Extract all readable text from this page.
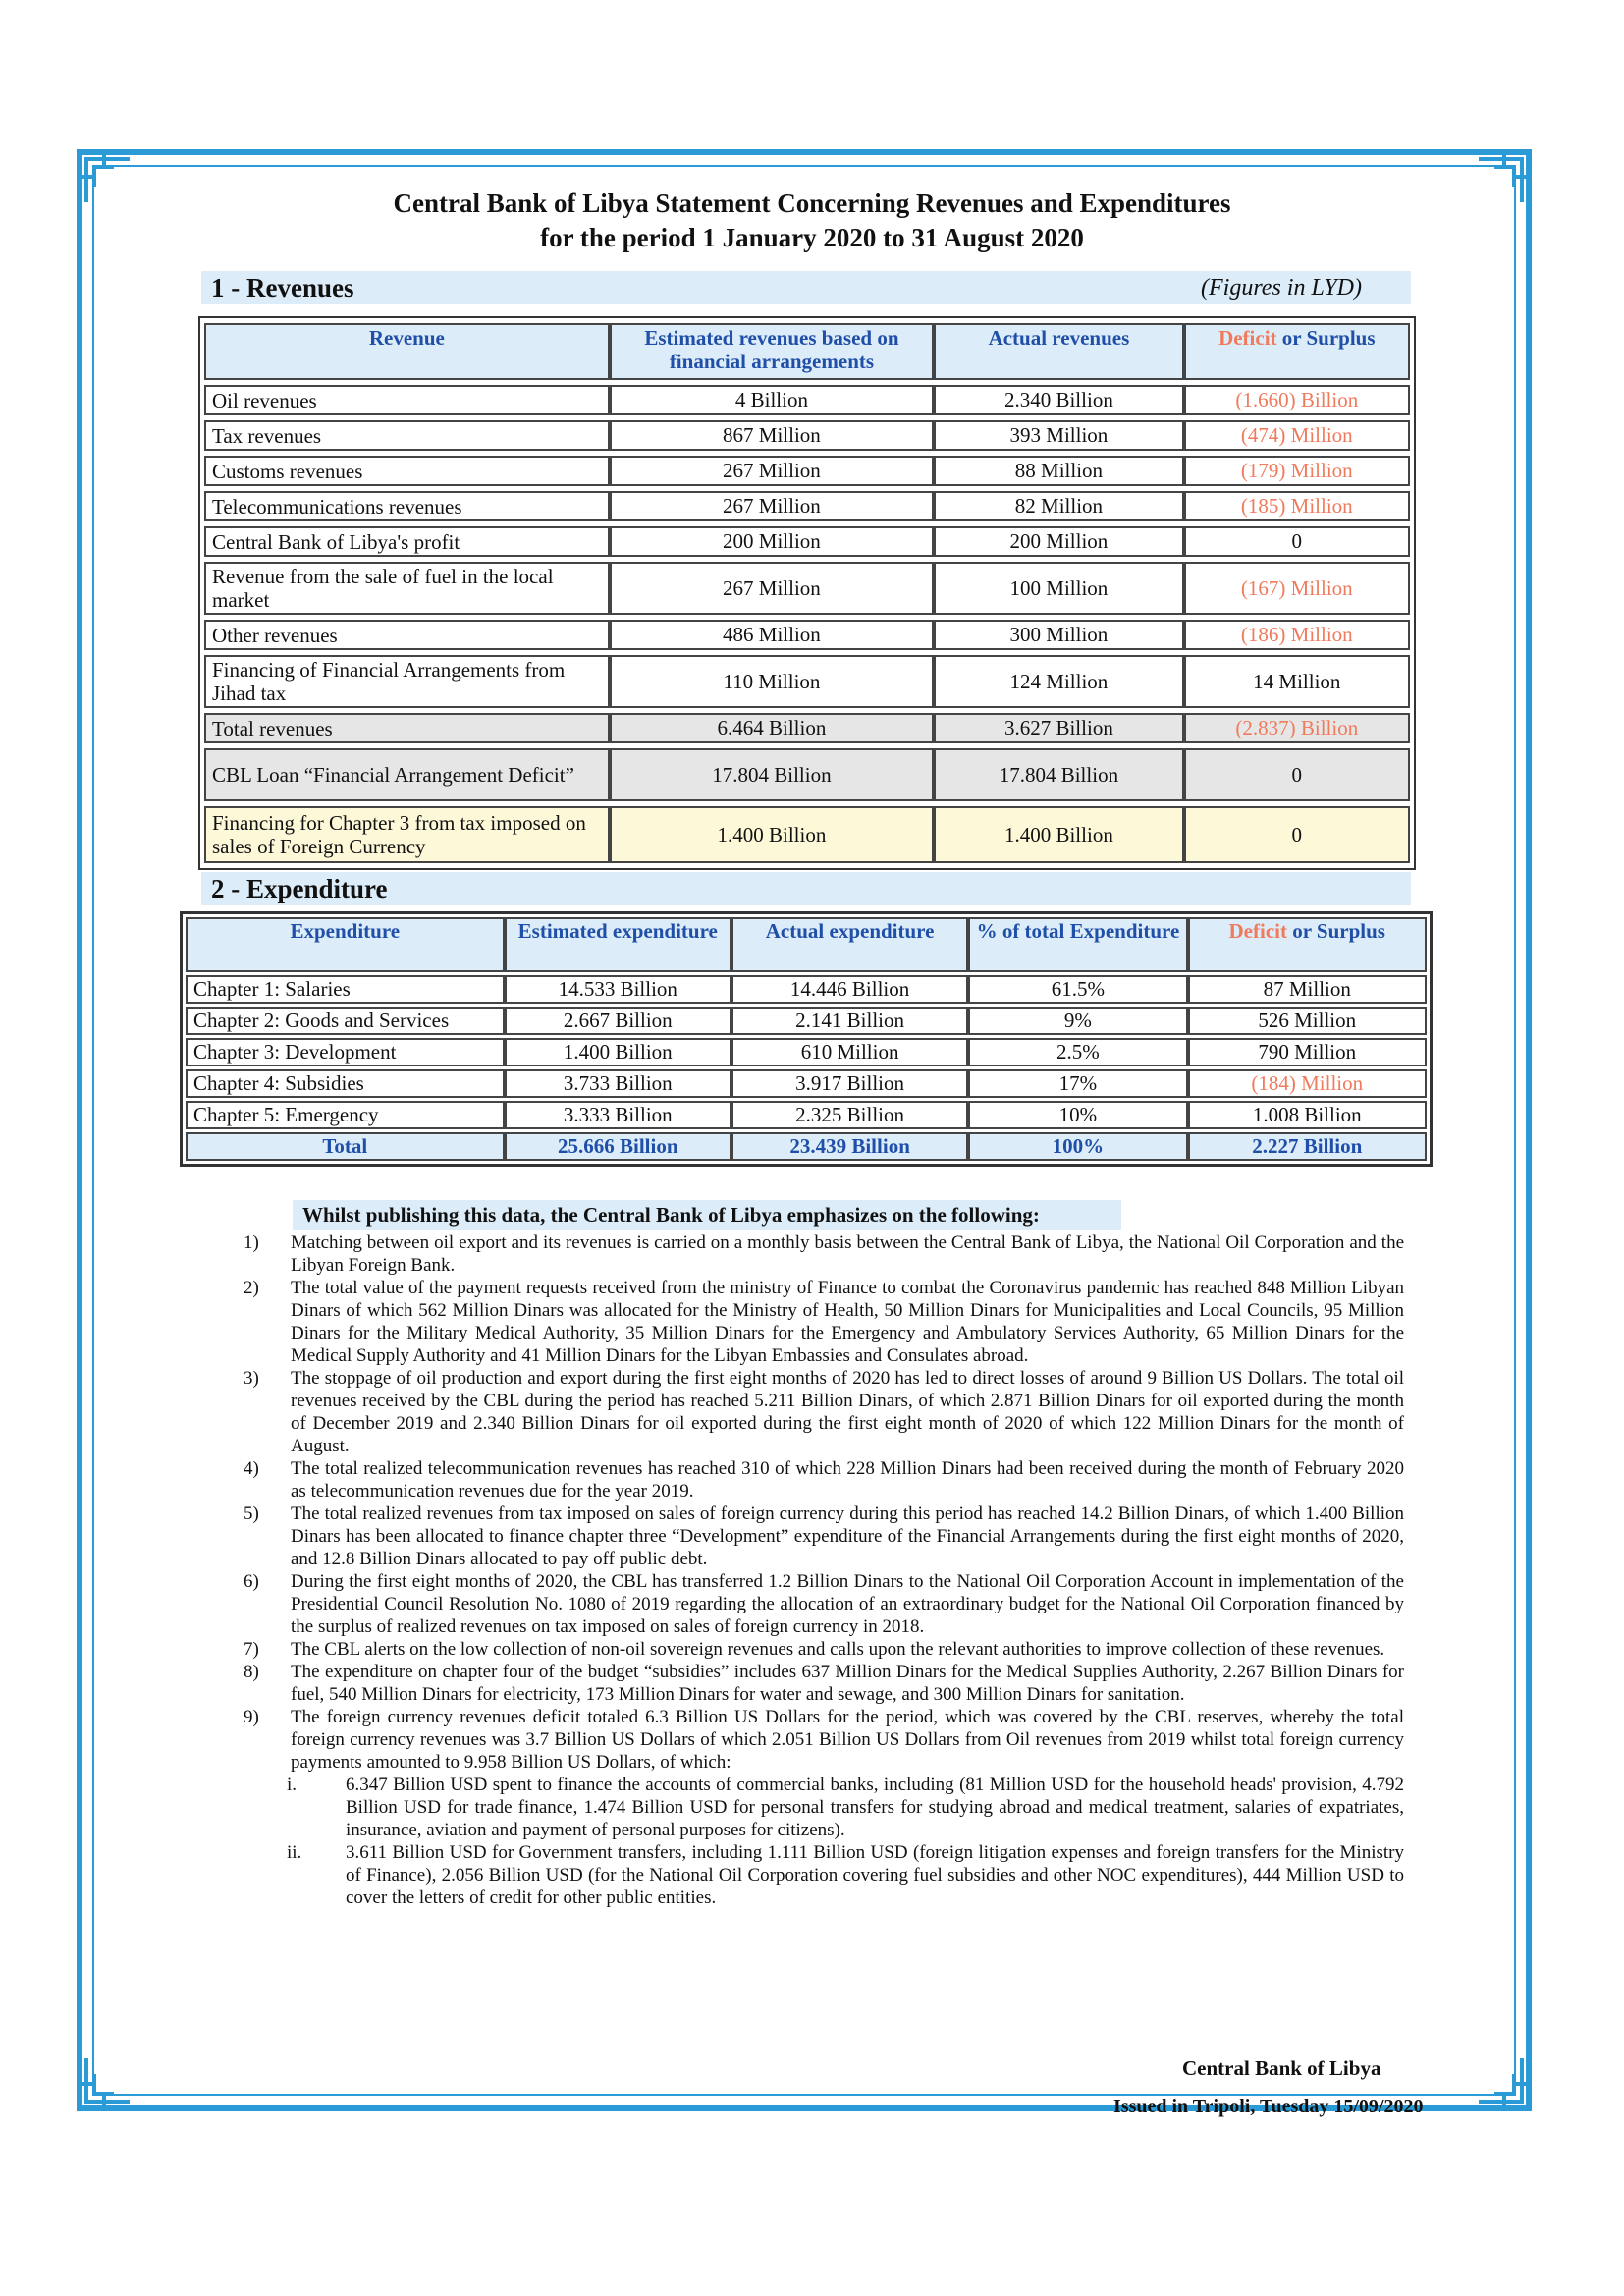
Central Bank of Libya Statement Concerning Revenues and Expenditures
for the period 1 January 2020 to 31 August 2020
1 - Revenues	(Figures in LYD)
Revenue	Estimated revenues based on financial arrangements	Actual revenues	Deficit or Surplus
Oil revenues	4 Billion	2.340 Billion	(1.660) Billion
Tax revenues	867 Million	393 Million	(474) Million
Customs revenues	267 Million	88 Million	(179) Million
Telecommunications revenues	267 Million	82 Million	(185) Million
Central Bank of Libya's profit	200 Million	200 Million	0
Revenue from the sale of fuel in the local market	267 Million	100 Million	(167) Million
Other revenues	486 Million	300 Million	(186) Million
Financing of Financial Arrangements from Jihad tax	110 Million	124 Million	14 Million
Total revenues	6.464 Billion	3.627 Billion	(2.837) Billion
CBL Loan “Financial Arrangement Deficit”	17.804 Billion	17.804 Billion	0
Financing for Chapter 3 from tax imposed on sales of Foreign Currency	1.400 Billion	1.400 Billion	0
2 - Expenditure
Expenditure	Estimated expenditure	Actual expenditure	% of total Expenditure	Deficit or Surplus
Chapter 1: Salaries	14.533 Billion	14.446 Billion	61.5%	87 Million
Chapter 2: Goods and Services	2.667 Billion	2.141 Billion	9%	526 Million
Chapter 3: Development	1.400 Billion	610 Million	2.5%	790 Million
Chapter 4: Subsidies	3.733 Billion	3.917 Billion	17%	(184) Million
Chapter 5: Emergency	3.333 Billion	2.325 Billion	10%	1.008 Billion
Total	25.666 Billion	23.439 Billion	100%	2.227 Billion
Whilst publishing this data, the Central Bank of Libya emphasizes on the following:
1) Matching between oil export and its revenues is carried on a monthly basis between the Central Bank of Libya, the National Oil Corporation and the Libyan Foreign Bank.
2) The total value of the payment requests received from the ministry of Finance to combat the Coronavirus pandemic has reached 848 Million Libyan Dinars of which 562 Million Dinars was allocated for the Ministry of Health, 50 Million Dinars for Municipalities and Local Councils, 95 Million Dinars for the Military Medical Authority, 35 Million Dinars for the Emergency and Ambulatory Services Authority, 65 Million Dinars for the Medical Supply Authority and 41 Million Dinars for the Libyan Embassies and Consulates abroad.
3) The stoppage of oil production and export during the first eight months of 2020 has led to direct losses of around 9 Billion US Dollars. The total oil revenues received by the CBL during the period has reached 5.211 Billion Dinars, of which 2.871 Billion Dinars for oil exported during the month of December 2019 and 2.340 Billion Dinars for oil exported during the first eight month of 2020 of which 122 Million Dinars for the month of August.
4) The total realized telecommunication revenues has reached 310 of which 228 Million Dinars had been received during the month of February 2020 as telecommunication revenues due for the year 2019.
5) The total realized revenues from tax imposed on sales of foreign currency during this period has reached 14.2 Billion Dinars, of which 1.400 Billion Dinars has been allocated to finance chapter three “Development” expenditure of the Financial Arrangements during the first eight months of 2020, and 12.8 Billion Dinars allocated to pay off public debt.
6) During the first eight months of 2020, the CBL has transferred 1.2 Billion Dinars to the National Oil Corporation Account in implementation of the Presidential Council Resolution No. 1080 of 2019 regarding the allocation of an extraordinary budget for the National Oil Corporation financed by the surplus of realized revenues on tax imposed on sales of foreign currency in 2018.
7) The CBL alerts on the low collection of non-oil sovereign revenues and calls upon the relevant authorities to improve collection of these revenues.
8) The expenditure on chapter four of the budget “subsidies” includes 637 Million Dinars for the Medical Supplies Authority, 2.267 Billion Dinars for fuel, 540 Million Dinars for electricity, 173 Million Dinars for water and sewage, and 300 Million Dinars for sanitation.
9) The foreign currency revenues deficit totaled 6.3 Billion US Dollars for the period, which was covered by the CBL reserves, whereby the total foreign currency revenues was 3.7 Billion US Dollars of which 2.051 Billion US Dollars from Oil revenues from 2019 whilst total foreign currency payments amounted to 9.958 Billion US Dollars, of which:
i.	6.347 Billion USD spent to finance the accounts of commercial banks, including (81 Million USD for the household heads' provision, 4.792 Billion USD for trade finance, 1.474 Billion USD for personal transfers for studying abroad and medical treatment, salaries of expatriates, insurance, aviation and payment of personal purposes for citizens).
ii. 3.611 Billion USD for Government transfers, including 1.111 Billion USD (foreign litigation expenses and foreign transfers for the Ministry of Finance), 2.056 Billion USD (for the National Oil Corporation covering fuel subsidies and other NOC expenditures), 444 Million USD to cover the letters of credit for other public entities.
Central Bank of Libya
Issued in Tripoli, Tuesday 15/09/2020
